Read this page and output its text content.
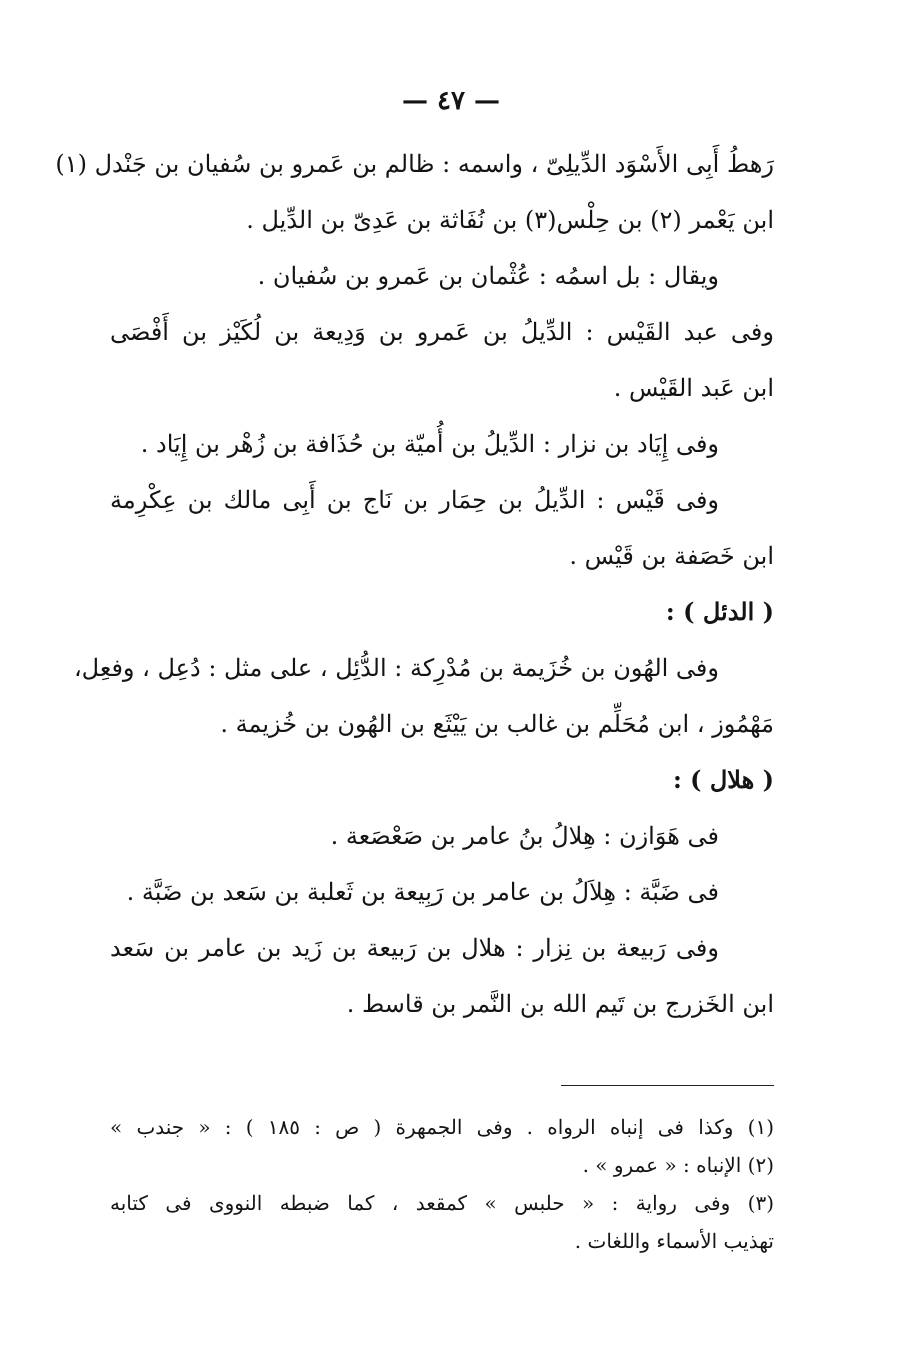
— ٤٧ —
رَهطُ أَبِى الأَسْوَد الدِّيلِىّ ، واسمه : ظالم بن عَمرو بن سُفيان بن جَنْدل (١)
ابن يَعْمر (٢) بن حِلْس(٣) بن نُفَاثة بن عَدِىّ بن الدِّيل .
ويقال : بل اسمُه : عُثْمان بن عَمرو بن سُفيان .
وفى عبد القَيْس : الدِّيلُ بن عَمرو بن وَدِيعة بن لُكَيْز بن أَفْصَى
ابن عَبد القَيْس .
وفى إِيَاد بن نزار : الدِّيلُ بن أُميّة بن حُذَافة بن زُهْر بن إِيَاد .
وفى قَيْس : الدِّيلُ بن حِمَار بن نَاج بن أَبِى مالك بن عِكْرِمة
ابن خَصَفة بن قَيْس .
( الدئل ) :
وفى الهُون بن خُزَيمة بن مُدْرِكة : الدُّئِل ، على مثل : دُعِل ، وفعِل،
مَهْمُوز ، ابن مُحَلِّم بن غالب بن يَيْثَع بن الهُون بن خُزيمة .
( هلال ) :
فى هَوَازن : هِلالُ بنُ عامر بن صَعْصَعة .
فى ضَبَّة : هِلاَلُ بن عامر بن رَبِيعة بن ثَعلبة بن سَعد بن ضَبَّة .
وفى رَبيعة بن نِزار : هلال بن رَبيعة بن زَيد بن عامر بن سَعد
ابن الخَزرج بن تَيم الله بن النَّمر بن قاسط .
(١) وكذا فى إنباه الرواه . وفى الجمهرة ( ص : ١٨٥ ) : « جندب »
(٢) الإنباه : « عمرو » .
(٣) وفى رواية : « حلبس » كمقعد ، كما ضبطه النووى فى كتابه
تهذيب الأسماء واللغات .
